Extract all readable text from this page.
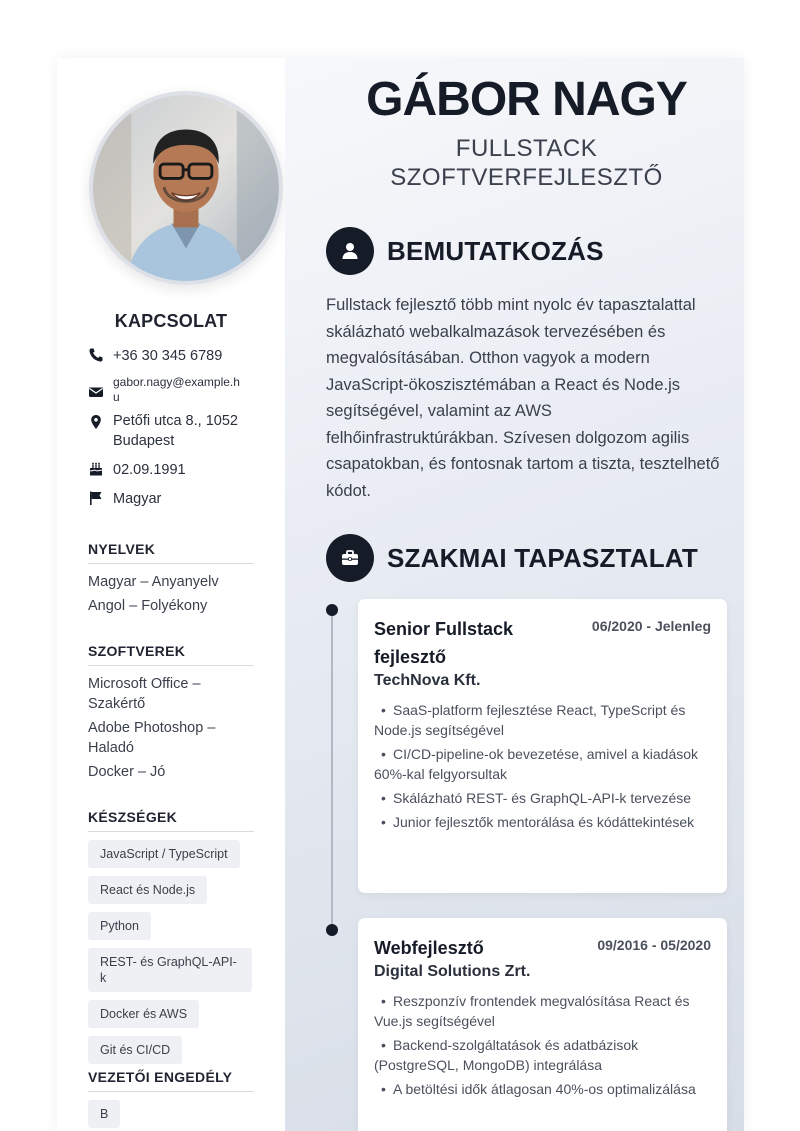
KAPCSOLAT
+36 30 345 6789
gabor.nagy@example.h
u
Petőfi utca 8., 1052
Budapest
02.09.1991
Magyar
NYELVEK
Magyar – Anyanyelv
Angol – Folyékony
SZOFTVEREK
Microsoft Office –
Szakértő
Adobe Photoshop –
Haladó
Docker – Jó
KÉSZSÉGEK
JavaScript / TypeScript
React és Node.js
Python
REST- és GraphQL-API-k
Docker és AWS
Git és CI/CD
VEZETŐI ENGEDÉLY
B
GÁBOR NAGY
FULLSTACK
SZOFTVERFEJLESZTŐ
BEMUTATKOZÁS
Fullstack fejlesztő több mint nyolc év tapasztalattal skálázható webalkalmazások tervezésében és megvalósításában. Otthon vagyok a modern JavaScript-ökoszisztémában a React és Node.js segítségével, valamint az AWS felhőinfrastruktúrákban. Szívesen dolgozom agilis csapatokban, és fontosnak tartom a tiszta, tesztelhető kódot.
SZAKMAI TAPASZTALAT
Senior Fullstack
fejlesztő
06/2020 - Jelenleg
TechNova Kft.
• SaaS-platform fejlesztése React, TypeScript és Node.js segítségével
• CI/CD-pipeline-ok bevezetése, amivel a kiadások 60%-kal felgyorsultak
• Skálázható REST- és GraphQL-API-k tervezése
• Junior fejlesztők mentorálása és kódáttekintések
Webfejlesztő	09/2016 - 05/2020
Digital Solutions Zrt.
• Reszponzív frontendek megvalósítása React és Vue.js segítségével
• Backend-szolgáltatások és adatbázisok (PostgreSQL, MongoDB) integrálása
• A betöltési idők átlagosan 40%-os optimalizálása
